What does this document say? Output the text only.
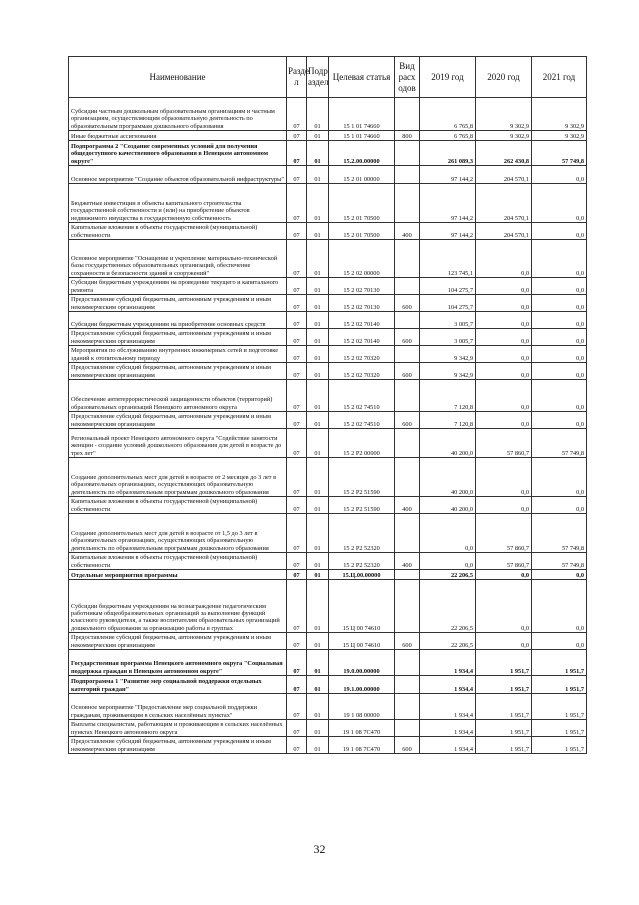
Наименование	Разде л	Подр аздел	Целевая статья	Вид расх одов	2019 год	2020 год	2021 год
Субсидии частным дошкольным образовательным организациям и частным организациям, осуществляющим образовательную деятельность по образовательным программам дошкольного образования	07	01	15 1 01 74660		6 765,8	9 302,9	9 302,9
Иные бюджетные ассигнования	07	01	15 1 01 74660	800	6 765,8	9 302,9	9 302,9
Подпрограмма 2 "Создание современных условий для получения общедоступного качественного образования в Ненецком автономном округе"	07	01	15.2.00.00000		261 089,3	262 430,8	57 749,8
Основное мероприятие "Создание объектов образовательной инфраструктуры"	07	01	15 2 01 00000		97 144,2	204 570,1	0,0
Бюджетные инвестиции в объекты капитального строительства государственной собственности и (или) на приобретение объектов недвижимого имущества в государственную собственность	07	01	15 2 01 70500		97 144,2	204 570,1	0,0
Капитальные вложения в объекты государственной (муниципальной) собственности	07	01	15 2 01 70500	400	97 144,2	204 570,1	0,0
Основное мероприятие "Оснащение и укрепление материально-технической базы государственных образовательных организаций, обеспечение сохранности и безопасности зданий и сооружений"	07	01	15 2 02 00000		123 745,1	0,0	0,0
Субсидии бюджетным учреждениям на проведение текущего и капитального ремонта	07	01	15 2 02 70130		104 275,7	0,0	0,0
Предоставление субсидий бюджетным, автономным учреждениям и иным некоммерческим организациям	07	01	15 2 02 70130	600	104 275,7	0,0	0,0
Субсидии бюджетным учреждениям на приобретение основных средств	07	01	15 2 02 70140		3 005,7	0,0	0,0
Предоставление субсидий бюджетным, автономным учреждениям и иным некоммерческим организациям	07	01	15 2 02 70140	600	3 005,7	0,0	0,0
Мероприятия по обслуживанию внутренних инженерных сетей и подготовке зданий к отопительному периоду	07	01	15 2 02 70320		9 342,9	0,0	0,0
Предоставление субсидий бюджетным, автономным учреждениям и иным некоммерческим организациям	07	01	15 2 02 70320	600	9 342,9	0,0	0,0
Обеспечение антитеррористической защищенности объектов (территорий) образовательных организаций Ненецкого автономного округа	07	01	15 2 02 74510		7 120,8	0,0	0,0
Предоставление субсидий бюджетным, автономным учреждениям и иным некоммерческим организациям	07	01	15 2 02 74510	600	7 120,8	0,0	0,0
Региональный проект Ненецкого автономного округа "Содействие занятости женщин - создание условий дошкольного образования для детей в возрасте до трех лет"	07	01	15 2 P2 00000		40 200,0	57 860,7	57 749,8
Создание дополнительных мест для детей в возрасте от 2 месяцев до 3 лет в образовательных организациях, осуществляющих образовательную деятельность по образовательным программам дошкольного образования	07	01	15 2 P2 51590		40 200,0	0,0	0,0
Капитальные вложения в объекты государственной (муниципальной) собственности	07	01	15 2 P2 51590	400	40 200,0	0,0	0,0
Создание дополнительных мест для детей в возрасте от 1,5 до 3 лет в образовательных организациях, осуществляющих образовательную деятельность по образовательным программам дошкольного образования	07	01	15 2 P2 52320		0,0	57 860,7	57 749,8
Капитальные вложения в объекты государственной (муниципальной) собственности	07	01	15 2 P2 52320	400	0,0	57 860,7	57 749,8
Отдельные мероприятия программы	07	01	15.Ц.00.00000		22 206,5	0,0	0,0
Субсидии бюджетным учреждениям на вознаграждение педагогическим работникам общеобразовательных организаций за выполнение функций классного руководителя, а также воспитателям образовательных организаций дошкольного образования за организацию работы в группах	07	01	15 Ц 00 74610		22 206,5	0,0	0,0
Предоставление субсидий бюджетным, автономным учреждениям и иным некоммерческим организациям	07	01	15 Ц 00 74610	600	22 206,5	0,0	0,0
Государственная программа Ненецкого автономного округа "Социальная поддержка граждан в Ненецком автономном округе"	07	01	19.0.00.00000		1 934,4	1 951,7	1 951,7
Подпрограмма 1 "Развитие мер социальной поддержки отдельных категорий граждан"	07	01	19.1.00.00000		1 934,4	1 951,7	1 951,7
Основное мероприятие "Предоставление мер социальной поддержки гражданам, проживающим в сельских населённых пунктах"	07	01	19 1 08 00000		1 934,4	1 951,7	1 951,7
Выплаты специалистам, работающим и проживающим в сельских населённых пунктах Ненецкого автономного округа	07	01	19 1 08 7С470		1 934,4	1 951,7	1 951,7
Предоставление субсидий бюджетным, автономным учреждениям и иным некоммерческим организациям	07	01	19 1 08 7С470	600	1 934,4	1 951,7	1 951,7
32
